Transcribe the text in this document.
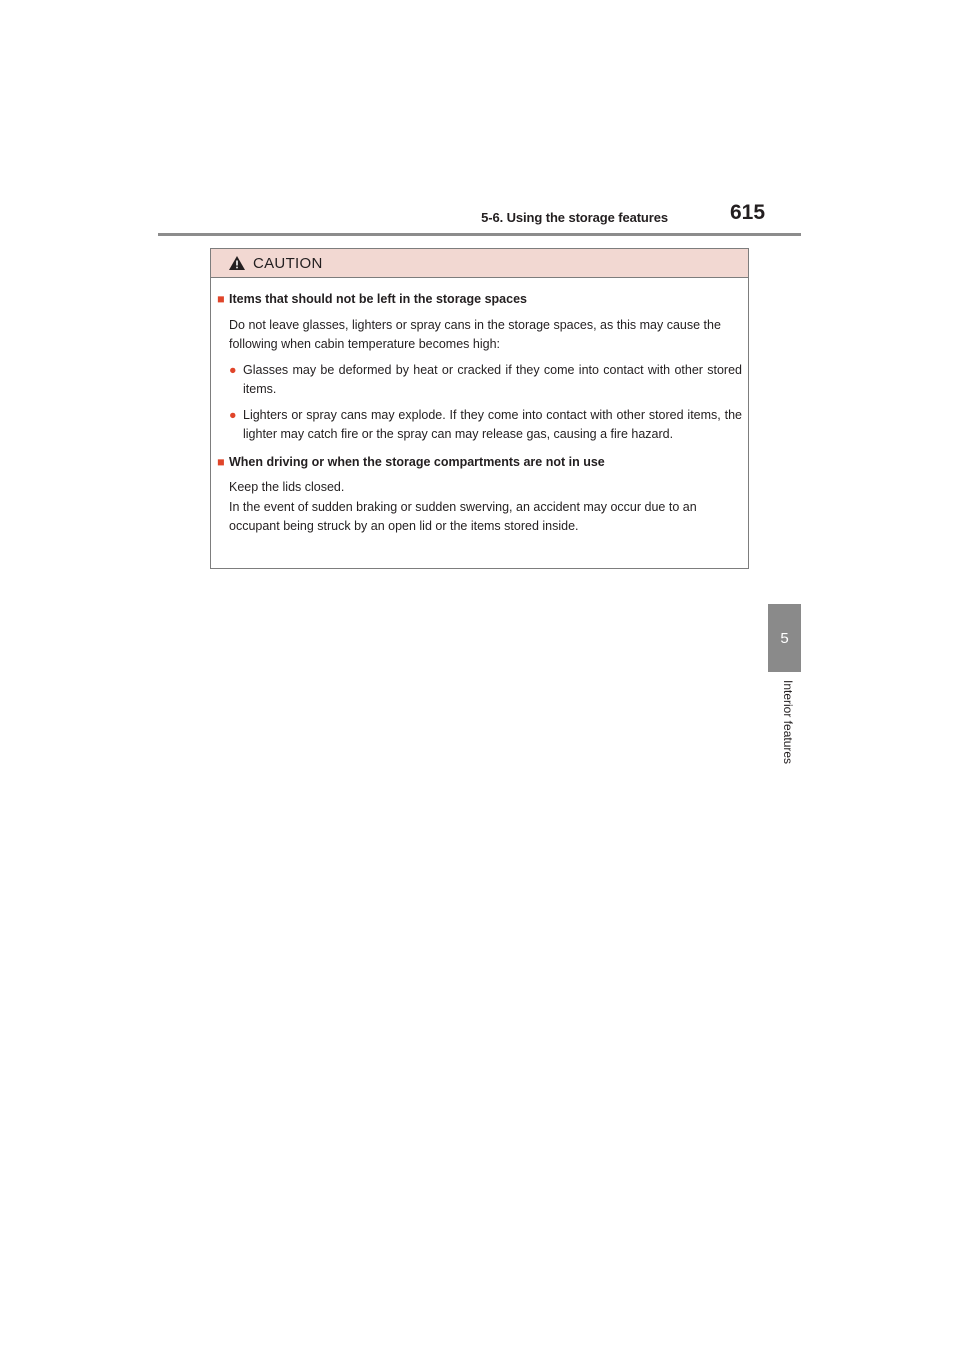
5-6. Using the storage features	615
5
Interior features
CAUTION
■ Items that should not be left in the storage spaces
Do not leave glasses, lighters or spray cans in the storage spaces, as this may cause the following when cabin temperature becomes high:
● Glasses may be deformed by heat or cracked if they come into contact with other stored items.
● Lighters or spray cans may explode. If they come into contact with other stored items, the lighter may catch fire or the spray can may release gas, causing a fire hazard.
■ When driving or when the storage compartments are not in use
Keep the lids closed.
In the event of sudden braking or sudden swerving, an accident may occur due to an occupant being struck by an open lid or the items stored inside.
